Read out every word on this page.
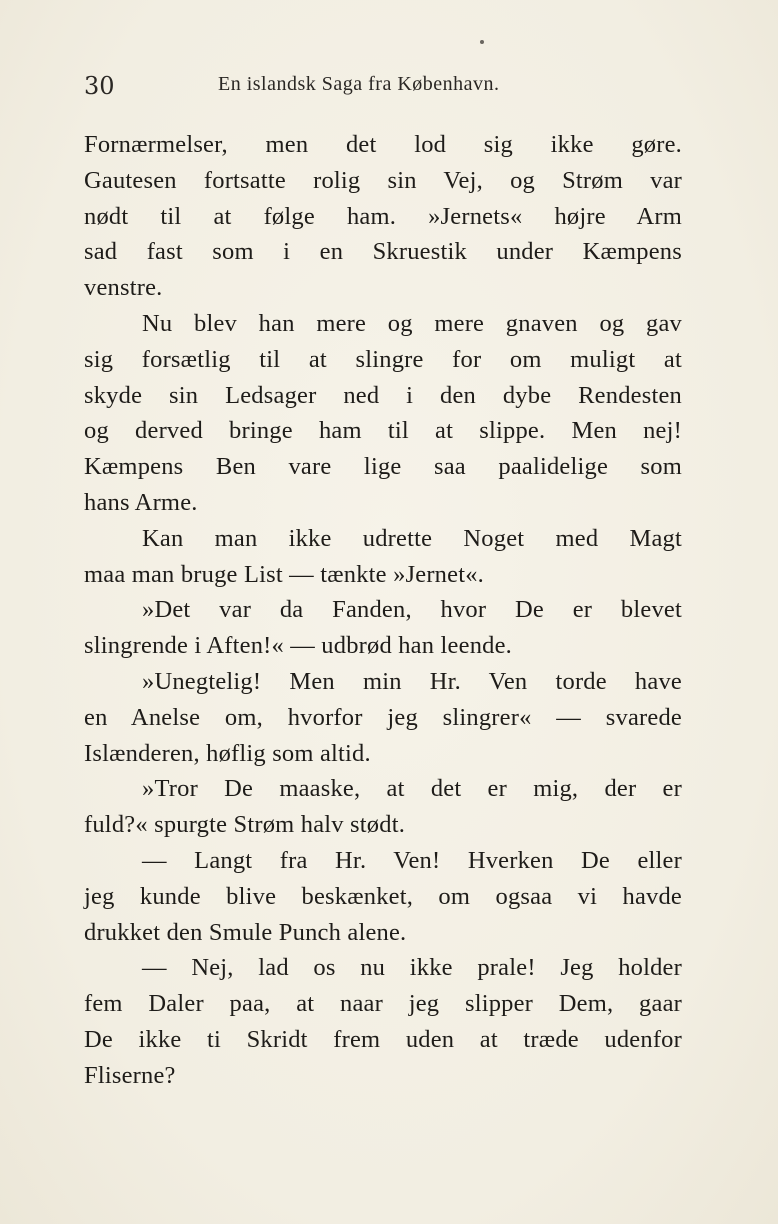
30	En islandsk Saga fra København.
Fornærmelser, men det lod sig ikke gøre.
Gautesen fortsatte rolig sin Vej, og Strøm var
nødt til at følge ham. »Jernets« højre Arm
sad fast som i en Skruestik under Kæmpens
venstre.
Nu blev han mere og mere gnaven og gav
sig forsætlig til at slingre for om muligt at
skyde sin Ledsager ned i den dybe Rendesten
og derved bringe ham til at slippe. Men nej!
Kæmpens Ben vare lige saa paalidelige som
hans Arme.
Kan man ikke udrette Noget med Magt
maa man bruge List — tænkte »Jernet«.
»Det var da Fanden, hvor De er blevet
slingrende i Aften!« — udbrød han leende.
»Unegtelig! Men min Hr. Ven torde have
en Anelse om, hvorfor jeg slingrer« — svarede
Islænderen, høflig som altid.
»Tror De maaske, at det er mig, der er
fuld?« spurgte Strøm halv stødt.
— Langt fra Hr. Ven! Hverken De eller
jeg kunde blive beskænket, om ogsaa vi havde
drukket den Smule Punch alene.
— Nej, lad os nu ikke prale! Jeg holder
fem Daler paa, at naar jeg slipper Dem, gaar
De ikke ti Skridt frem uden at træde udenfor
Fliserne?
